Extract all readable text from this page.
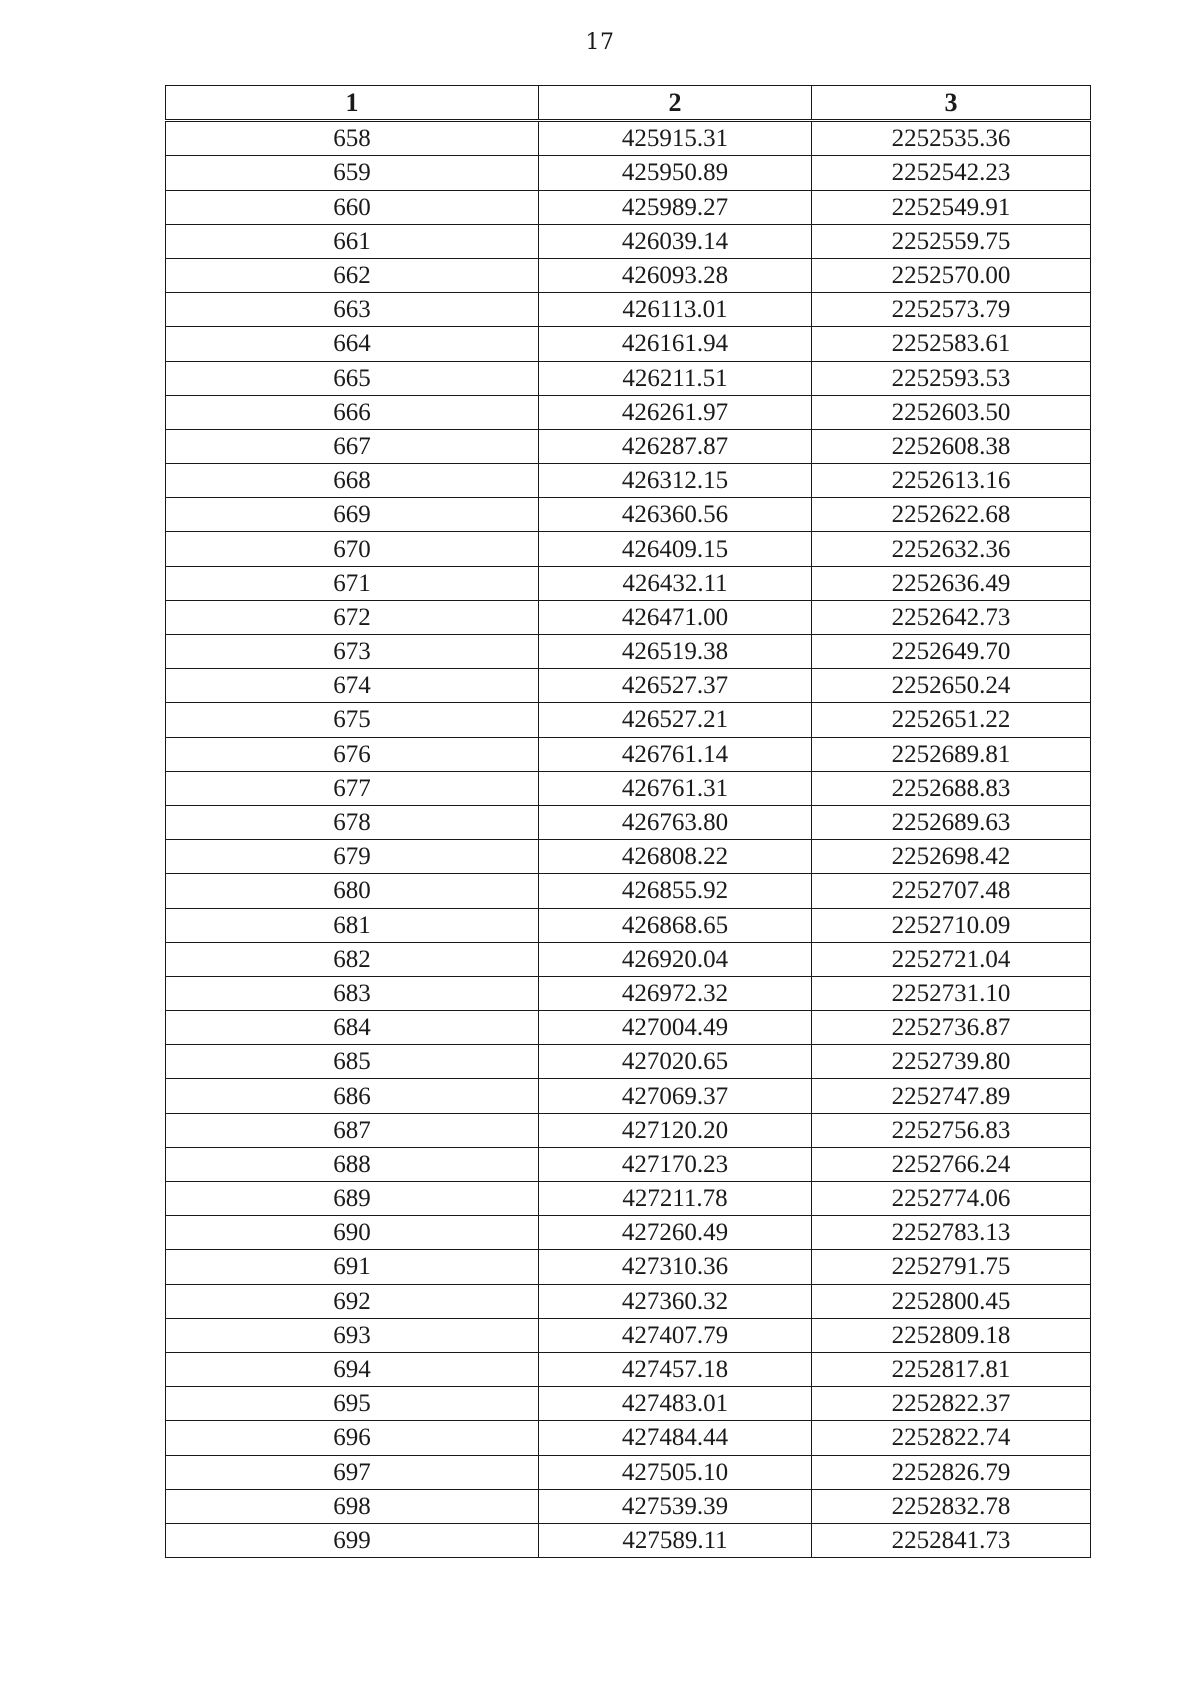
17
1	2	3
658	425915.31	2252535.36
659	425950.89	2252542.23
660	425989.27	2252549.91
661	426039.14	2252559.75
662	426093.28	2252570.00
663	426113.01	2252573.79
664	426161.94	2252583.61
665	426211.51	2252593.53
666	426261.97	2252603.50
667	426287.87	2252608.38
668	426312.15	2252613.16
669	426360.56	2252622.68
670	426409.15	2252632.36
671	426432.11	2252636.49
672	426471.00	2252642.73
673	426519.38	2252649.70
674	426527.37	2252650.24
675	426527.21	2252651.22
676	426761.14	2252689.81
677	426761.31	2252688.83
678	426763.80	2252689.63
679	426808.22	2252698.42
680	426855.92	2252707.48
681	426868.65	2252710.09
682	426920.04	2252721.04
683	426972.32	2252731.10
684	427004.49	2252736.87
685	427020.65	2252739.80
686	427069.37	2252747.89
687	427120.20	2252756.83
688	427170.23	2252766.24
689	427211.78	2252774.06
690	427260.49	2252783.13
691	427310.36	2252791.75
692	427360.32	2252800.45
693	427407.79	2252809.18
694	427457.18	2252817.81
695	427483.01	2252822.37
696	427484.44	2252822.74
697	427505.10	2252826.79
698	427539.39	2252832.78
699	427589.11	2252841.73
